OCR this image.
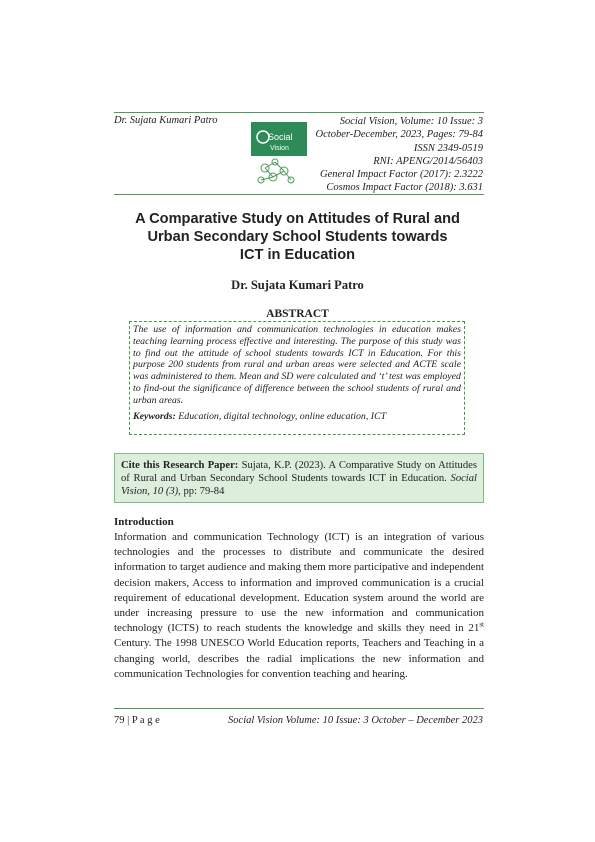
Dr. Sujata Kumari Patro
Social
Vision
Social Vision, Volume: 10 Issue: 3
October-December, 2023, Pages: 79-84
ISSN 2349-0519
RNI: APENG/2014/56403
General Impact Factor (2017): 2.3222
Cosmos Impact Factor (2018): 3.631
A Comparative Study on Attitudes of Rural and
Urban Secondary School Students towards
ICT in Education
Dr. Sujata Kumari Patro
ABSTRACT

The use of information and communication technologies in education makes teaching learning process effective and interesting. The purpose of this study was to find out the attitude of school students towards ICT in Education. For this purpose 200 students from rural and urban areas were selected and ACTE scale was administered to them. Mean and SD were calculated and ‘t’ test was employed to find-out the significance of difference between the school students of rural and urban areas.

Keywords: Education, digital technology, online education, ICT

Cite this Research Paper: Sujata, K.P. (2023). A Comparative Study on Attitudes of Rural and Urban Secondary School Students towards ICT in Education. Social Vision, 10 (3), pp: 79-84

Introduction

Information and communication Technology (ICT) is an integration of various technologies and the processes to distribute and communicate the desired information to target audience and making them more participative and independent decision makers, Access to information and improved communication is a crucial requirement of educational development. Education system around the world are under increasing pressure to use the new information and communication technology (ICTS) to reach students the knowledge and skills they need in 21st Century. The 1998 UNESCO World Education reports, Teachers and Teaching in a changing world, describes the radial implications the new information and communication Technologies for convention teaching and hearing.

79 | P a g e	Social Vision Volume: 10 Issue: 3 October – December 2023
